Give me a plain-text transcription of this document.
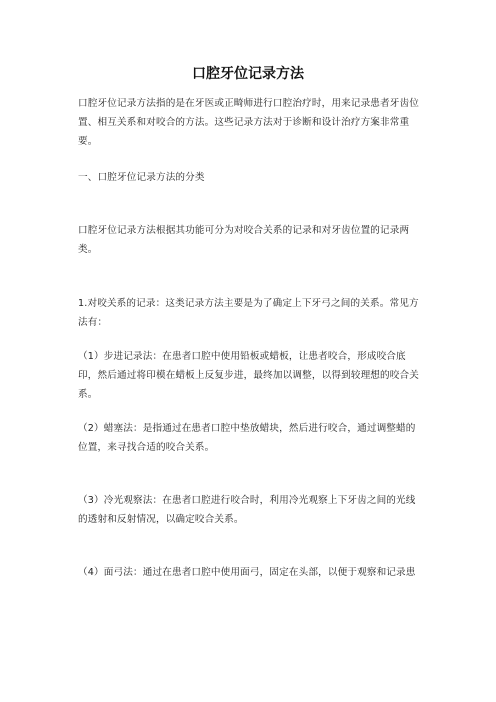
口腔牙位记录方法

口腔牙位记录方法指的是在牙医或正畸师进行口腔治疗时，用来记录患者牙齿位置、相互关系和对咬合的方法。这些记录方法对于诊断和设计治疗方案非常重要。

一、口腔牙位记录方法的分类

口腔牙位记录方法根据其功能可分为对咬合关系的记录和对牙齿位置的记录两类。

1.对咬关系的记录：这类记录方法主要是为了确定上下牙弓之间的关系。常见方法有：

（1）步进记录法：在患者口腔中使用铅板或蜡板，让患者咬合，形成咬合底印，然后通过将印模在蜡板上反复步进，最终加以调整，以得到较理想的咬合关系。

（2）蜡塞法：是指通过在患者口腔中垫放蜡块，然后进行咬合，通过调整蜡的位置，来寻找合适的咬合关系。

（3）冷光观察法：在患者口腔进行咬合时，利用冷光观察上下牙齿之间的光线的透射和反射情况，以确定咬合关系。

（4）面弓法：通过在患者口腔中使用面弓，固定在头部，以便于观察和记录患
